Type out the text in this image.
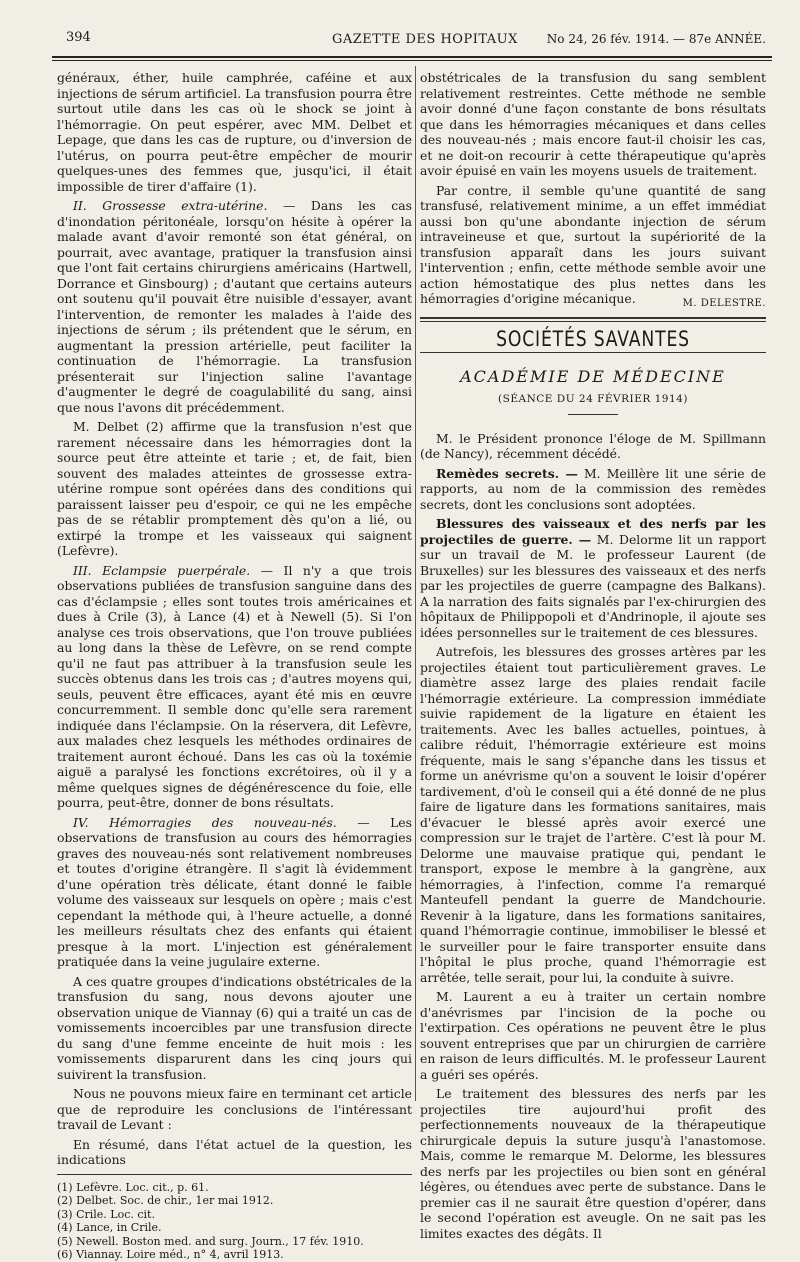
394	GAZETTE DES HOPITAUX No 24, 26 fév. 1914. — 87e ANNÉE.

généraux, éther, huile camphrée, caféine et aux injections de sérum artificiel. La transfusion pourra être surtout utile dans les cas où le shock se joint à l'hémorragie. On peut espérer, avec MM. Delbet et Lepage, que dans les cas de rupture, ou d'inversion de l'utérus, on pourra peut-être empêcher de mourir quelques-unes des femmes que, jusqu'ici, il était impossible de tirer d'affaire (1).

II. Grossesse extra-utérine. — Dans les cas d'inondation péritonéale, lorsqu'on hésite à opérer la malade avant d'avoir remonté son état général, on pourrait, avec avantage, pratiquer la transfusion ainsi que l'ont fait certains chirurgiens américains (Hartwell, Dorrance et Ginsbourg) ; d'autant que certains auteurs ont soutenu qu'il pouvait être nuisible d'essayer, avant l'intervention, de remonter les malades à l'aide des injections de sérum ; ils prétendent que le sérum, en augmentant la pression artérielle, peut faciliter la continuation de l'hémorragie. La transfusion présenterait sur l'injection saline l'avantage d'augmenter le degré de coagulabilité du sang, ainsi que nous l'avons dit précédemment.

M. Delbet (2) affirme que la transfusion n'est que rarement nécessaire dans les hémorragies dont la source peut être atteinte et tarie ; et, de fait, bien souvent des malades atteintes de grossesse extra-utérine rompue sont opérées dans des conditions qui paraissent laisser peu d'espoir, ce qui ne les empêche pas de se rétablir promptement dès qu'on a lié, ou extirpé la trompe et les vaisseaux qui saignent (Lefèvre).

III. Eclampsie puerpérale. — Il n'y a que trois observations publiées de transfusion sanguine dans des cas d'éclampsie ; elles sont toutes trois américaines et dues à Crile (3), à Lance (4) et à Newell (5). Si l'on analyse ces trois observations, que l'on trouve publiées au long dans la thèse de Lefèvre, on se rend compte qu'il ne faut pas attribuer à la transfusion seule les succès obtenus dans les trois cas ; d'autres moyens qui, seuls, peuvent être efficaces, ayant été mis en œuvre concurremment. Il semble donc qu'elle sera rarement indiquée dans l'éclampsie. On la réservera, dit Lefèvre, aux malades chez lesquels les méthodes ordinaires de traitement auront échoué. Dans les cas où la toxémie aiguë a paralysé les fonctions excrétoires, où il y a même quelques signes de dégénérescence du foie, elle pourra, peut-être, donner de bons résultats.

IV. Hémorragies des nouveau-nés. — Les observations de transfusion au cours des hémorragies graves des nouveau-nés sont relativement nombreuses et toutes d'origine étrangère. Il s'agit là évidemment d'une opération très délicate, étant donné le faible volume des vaisseaux sur lesquels on opère ; mais c'est cependant la méthode qui, à l'heure actuelle, a donné les meilleurs résultats chez des enfants qui étaient presque à la mort. L'injection est généralement pratiquée dans la veine jugulaire externe.

A ces quatre groupes d'indications obstétricales de la transfusion du sang, nous devons ajouter une observation unique de Viannay (6) qui a traité un cas de vomissements incoercibles par une transfusion directe du sang d'une femme enceinte de huit mois : les vomissements disparurent dans les cinq jours qui suivirent la transfusion.

Nous ne pouvons mieux faire en terminant cet article que de reproduire les conclusions de l'intéressant travail de Levant :

En résumé, dans l'état actuel de la question, les indications

(1) Lefèvre. Loc. cit., p. 61.

(2) Delbet. Soc. de chir., 1er mai 1912.

(3) Crile. Loc. cit.

(4) Lance, in Crile.

(5) Newell. Boston med. and surg. Journ., 17 fév. 1910.

(6) Viannay. Loire méd., n° 4, avril 1913.

obstétricales de la transfusion du sang semblent relativement restreintes. Cette méthode ne semble avoir donné d'une façon constante de bons résultats que dans les hémorragies mécaniques et dans celles des nouveau-nés ; mais encore faut-il choisir les cas, et ne doit-on recourir à cette thérapeutique qu'après avoir épuisé en vain les moyens usuels de traitement.

Par contre, il semble qu'une quantité de sang transfusé, relativement minime, a un effet immédiat aussi bon qu'une abondante injection de sérum intraveineuse et que, surtout la supériorité de la transfusion apparaît dans les jours suivant l'intervention ; enfin, cette méthode semble avoir une action hémostatique des plus nettes dans les hémorragies d'origine mécanique.	M. DELESTRE.
SOCIÉTÉS SAVANTES
ACADÉMIE DE MÉDECINE
(SÉANCE DU 24 FÉVRIER 1914)

M. le Président prononce l'éloge de M. Spillmann (de Nancy), récemment décédé.

Remèdes secrets. — M. Meillère lit une série de rapports, au nom de la commission des remèdes secrets, dont les conclusions sont adoptées.

Blessures des vaisseaux et des nerfs par les projectiles de guerre. — M. Delorme lit un rapport sur un travail de M. le professeur Laurent (de Bruxelles) sur les blessures des vaisseaux et des nerfs par les projectiles de guerre (campagne des Balkans). A la narration des faits signalés par l'ex-chirurgien des hôpitaux de Philippopoli et d'Andrinople, il ajoute ses idées personnelles sur le traitement de ces blessures.

Autrefois, les blessures des grosses artères par les projectiles étaient tout particulièrement graves. Le diamètre assez large des plaies rendait facile l'hémorragie extérieure. La compression immédiate suivie rapidement de la ligature en étaient les traitements. Avec les balles actuelles, pointues, à calibre réduit, l'hémorragie extérieure est moins fréquente, mais le sang s'épanche dans les tissus et forme un anévrisme qu'on a souvent le loisir d'opérer tardivement, d'où le conseil qui a été donné de ne plus faire de ligature dans les formations sanitaires, mais d'évacuer le blessé après avoir exercé une compression sur le trajet de l'artère. C'est là pour M. Delorme une mauvaise pratique qui, pendant le transport, expose le membre à la gangrène, aux hémorragies, à l'infection, comme l'a remarqué Manteufell pendant la guerre de Mandchourie. Revenir à la ligature, dans les formations sanitaires, quand l'hémorragie continue, immobiliser le blessé et le surveiller pour le faire transporter ensuite dans l'hôpital le plus proche, quand l'hémorragie est arrêtée, telle serait, pour lui, la conduite à suivre.

M. Laurent a eu à traiter un certain nombre d'anévrismes par l'incision de la poche ou l'extirpation. Ces opérations ne peuvent être le plus souvent entreprises que par un chirurgien de carrière en raison de leurs difficultés. M. le professeur Laurent a guéri ses opérés.

Le traitement des blessures des nerfs par les projectiles tire aujourd'hui profit des perfectionnements nouveaux de la thérapeutique chirurgicale depuis la suture jusqu'à l'anastomose. Mais, comme le remarque M. Delorme, les blessures des nerfs par les projectiles ou bien sont en général légères, ou étendues avec perte de substance. Dans le premier cas il ne saurait être question d'opérer, dans le second l'opération est aveugle. On ne sait pas les limites exactes des dégâts. Il
